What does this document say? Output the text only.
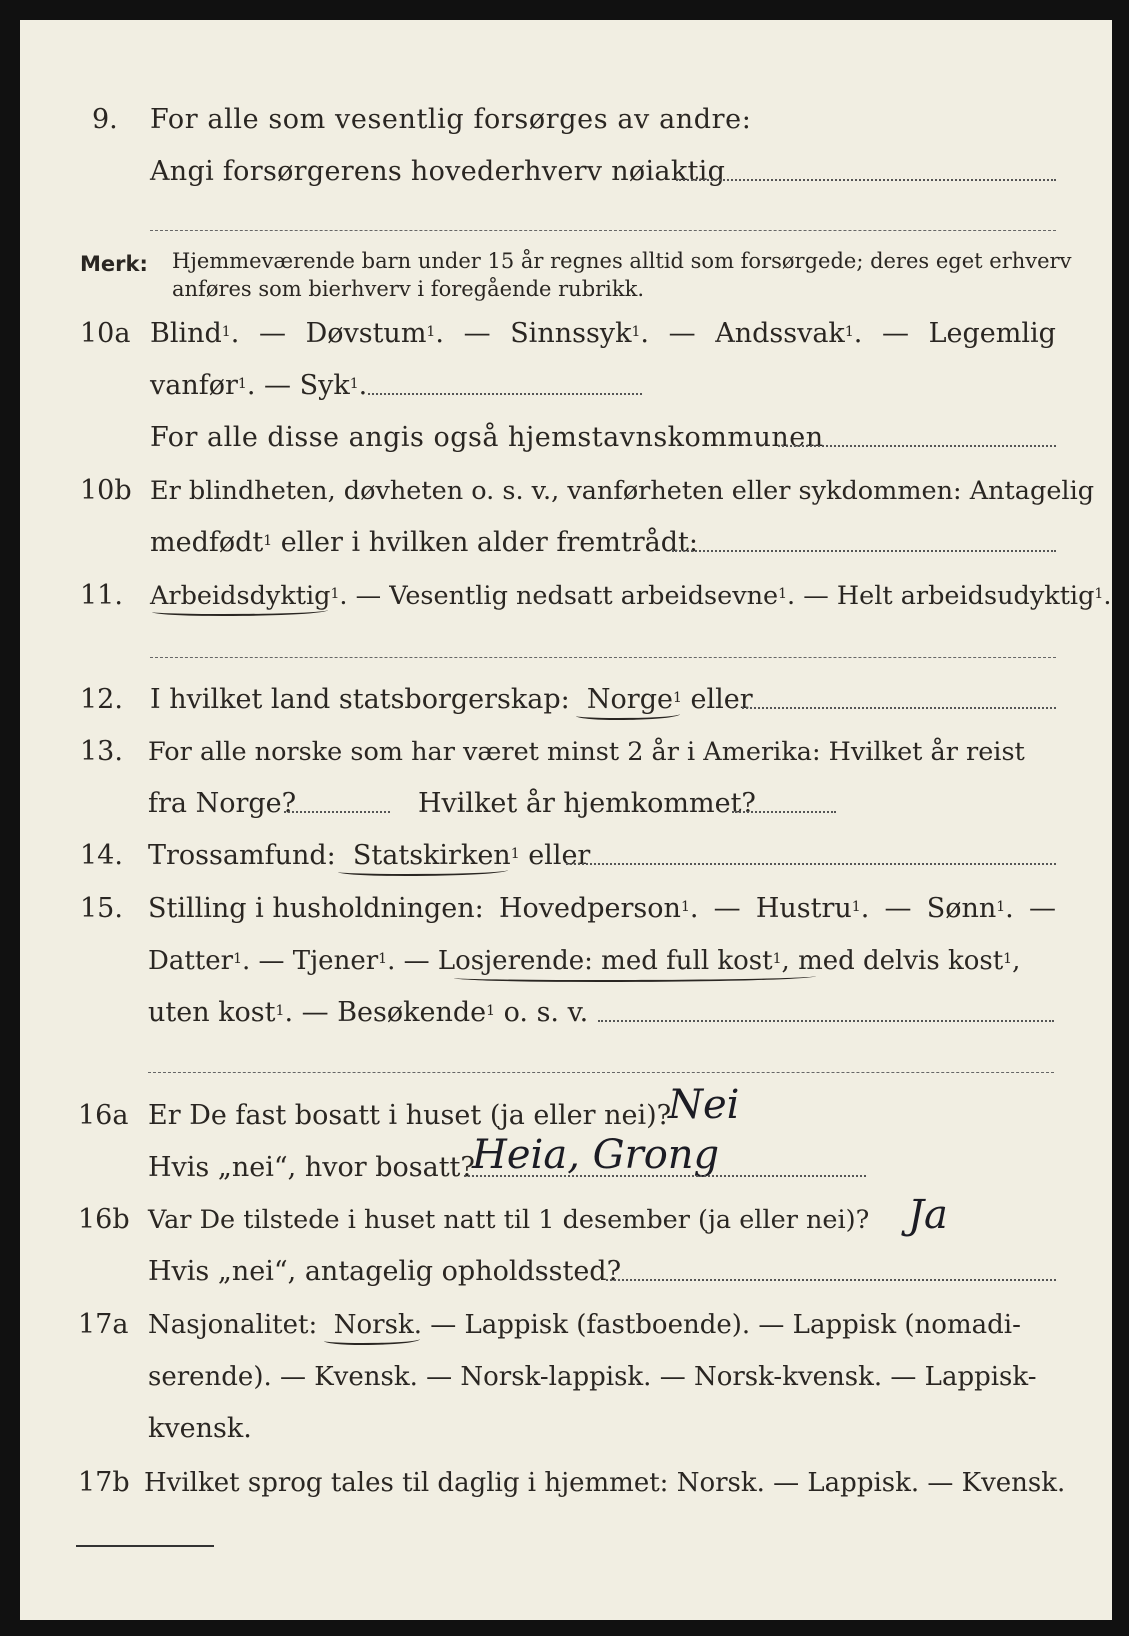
9. For alle som vesentlig forsørges av andre:
Angi forsørgerens hovederhverv nøiaktig
Merk: Hjemmeværende barn under 15 år regnes alltid som forsørgede; deres eget erhverv
anføres som bierhverv i foregående rubrikk.
10a Blind$^1$. — Døvstum$^1$. — Sinnssyk$^1$. — Andssvak$^1$. — Legemlig
vanfør$^1$. — Syk$^1$.
For alle disse angis også hjemstavnskommunen
10b Er blindheten, døvheten o. s. v., vanførheten eller sykdommen: Antagelig
medfødt$^1$ eller i hvilken alder fremtrådt:
11. Arbeidsdyktig$^1$. — Vesentlig nedsatt arbeidsevne$^1$. — Helt arbeidsudyktig$^1$.
12. I hvilket land statsborgerskap: Norge$^1$ eller
13. For alle norske som har været minst 2 år i Amerika: Hvilket år reist
fra Norge?	Hvilket år hjemkommet?
14. Trossamfund: Statskirken$^1$ eller
15. Stilling i husholdningen: Hovedperson$^1$. — Hustru$^1$. — Sønn$^1$. —
Datter$^1$. — Tjener$^1$. — Losjerende: med full kost$^1$, med delvis kost$^1$,
uten kost$^1$. — Besøkende$^1$ o. s. v.
16a Er De fast bosatt i huset (ja eller nei)?
Nei
Hvis „nei“, hvor bosatt?
Heia, Grong
16b Var De tilstede i huset natt til 1 desember (ja eller nei)? Ja
Hvis „nei“, antagelig opholdssted?
17a Nasjonalitet: Norsk. — Lappisk (fastboende). — Lappisk (nomadi-
serende). — Kvensk. — Norsk-lappisk. — Norsk-kvensk. — Lappisk-
kvensk.
17b Hvilket sprog tales til daglig i hjemmet: Norsk. — Lappisk. — Kvensk.
